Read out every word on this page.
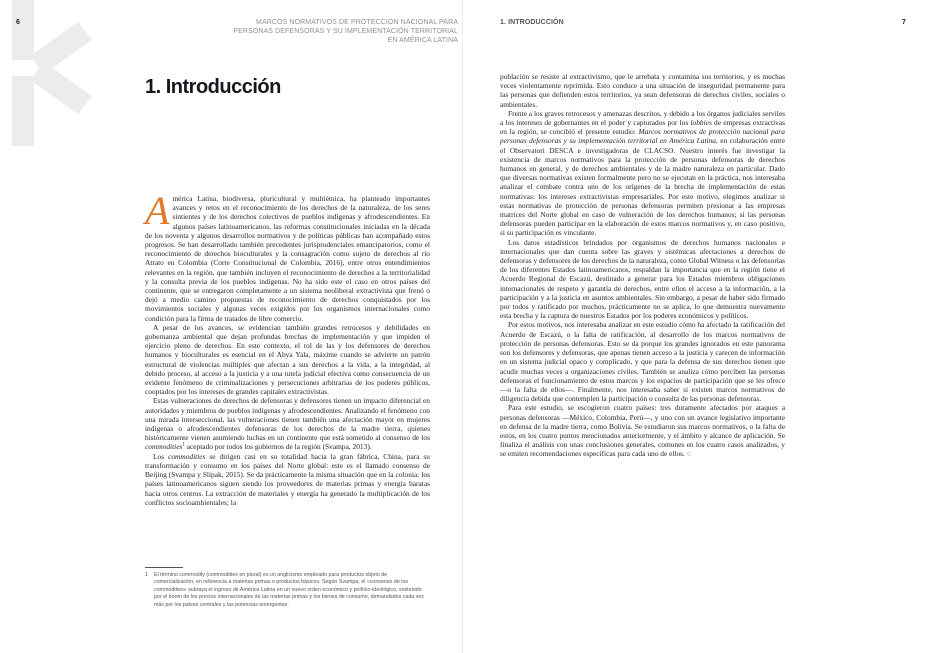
6	7
MARCOS NORMATIVOS DE PROTECCIÓN NACIONAL PARA PERSONAS DEFENSORAS Y SU IMPLEMENTACIÓN TERRITORIAL EN AMÉRICA LATINA
1. INTRODUCCIÓN
1. Introducción

América Latina, biodiversa, pluricultural y multiétnica, ha planteado importantes avances y retos en el reconocimiento de los derechos de la naturaleza, de los seres sintientes y de los derechos colectivos de pueblos indígenas y afrodescendientes. En algunos países latinoamericanos, las reformas constitucionales iniciadas en la década de los noventa y algunos desarrollos normativos y de políticas públicas han acompañado estos progresos. Se han desarrollado también precedentes jurisprudenciales emancipatorios, como el reconocimiento de derechos bioculturales y la consagración como sujeto de derechos al río Atrato en Colombia (Corte Constitucional de Colombia, 2016), entre otros entendimientos relevantes en la región, que también incluyen el reconocimiento de derechos a la territorialidad y la consulta previa de los pueblos indígenas. No ha sido este el caso en otros países del continente, que se entregaron completamente a un sistema neoliberal extractivista que frenó o dejó a medio camino propuestas de reconocimiento de derechos conquistados por los movimientos sociales y algunas veces exigidos por los organismos internacionales como condición para la firma de tratados de libre comercio.

A pesar de los avances, se evidencian también grandes retrocesos y debilidades en gobernanza ambiental que dejan profundas brechas de implementación y que impiden el ejercicio pleno de derechos. En este contexto, el rol de las y los defensores de derechos humanos y bioculturales es esencial en el Abya Yala, máxime cuando se advierte un patrón estructural de violencias múltiples que afectan a sus derechos a la vida, a la integridad, al debido proceso, al acceso a la justicia y a una tutela judicial efectiva como consecuencia de un evidente fenómeno de criminalizaciones y persecuciones arbitrarias de los poderes públicos, cooptados por los intereses de grandes capitales extractivistas.

Estas vulneraciones de derechos de defensoras y defensores tienen un impacto diferencial en autoridades y miembros de pueblos indígenas y afrodescendientes. Analizando el fenómeno con una mirada interseccional, las vulneraciones tienen también una afectación mayor en mujeres indígenas o afrodescendientes defensoras de los derechos de la madre tierra, quienes históricamente vienen asumiendo luchas en un continente que está sometido al consenso de los commodities$^1$ aceptado por todos los gobiernos de la región (Svampa, 2013).

Los commodities se dirigen casi en su totalidad hacia la gran fábrica, China, para su transformación y consumo en los países del Norte global: este es el llamado consenso de Beijing (Svampa y Slipak, 2015). Se da prácticamente la misma situación que en la colonia: los países latinoamericanos siguen siendo los proveedores de materias primas y energía baratas hacia otros centros. La extracción de materiales y energía ha generado la multiplicación de los conflictos socioambientales; la

1 El término commodity (commodities en plural) es un anglicismo empleado para productos objeto de comercialización, en referencia a materias primas o productos básicos. Según Svampa, el «consenso de los commodities» subraya el ingreso de América Latina en un nuevo orden económico y político-ideológico, sostenido por el boom de los precios internacionales de las materias primas y los bienes de consumo, demandados cada vez más por los países centrales y las potencias emergentes.

población se resiste al extractivismo, que le arrebata y contamina sus territorios, y es muchas veces violentamente reprimida. Esto conduce a una situación de inseguridad permanente para las personas que defienden estos territorios, ya sean defensoras de derechos civiles, sociales o ambientales.

Frente a los graves retrocesos y amenazas descritos, y debido a los órganos judiciales serviles a los intereses de gobernantes en el poder y capturados por los lobbies de empresas extractivas en la región, se concibió el presente estudio: Marcos normativos de protección nacional para personas defensoras y su implementación territorial en América Latina, en colaboración entre el Observatori DESCA e investigadoras de CLACSO. Nuestro interés fue investigar la existencia de marcos normativos para la protección de personas defensoras de derechos humanos en general, y de derechos ambientales y de la madre naturaleza en particular. Dado que diversas normativas existen formalmente pero no se ejecutan en la práctica, nos interesaba analizar el combate contra uno de los orígenes de la brecha de implementación de estas normativas: los intereses extractivistas empresariales. Por este motivo, elegimos analizar si estas normativas de protección de personas defensoras permiten presionar a las empresas matrices del Norte global en caso de vulneración de los derechos humanos; si las personas defensoras pueden participar en la elaboración de estos marcos normativos y, en caso positivo, si su participación es vinculante.

Los datos estadísticos brindados por organismos de derechos humanos nacionales e internacionales que dan cuenta sobre las graves y sistémicas afectaciones a derechos de defensoras y defensores de los derechos de la naturaleza, como Global Witness o las defensorías de los diferentes Estados latinoamericanos, respaldan la importancia que en la región tiene el Acuerdo Regional de Escazú, destinado a generar para los Estados miembros obligaciones internacionales de respeto y garantía de derechos, entre ellos el acceso a la información, a la participación y a la justicia en asuntos ambientales. Sin embargo, a pesar de haber sido firmado por todos y ratificado por muchos, prácticamente no se aplica, lo que demuestra nuevamente esta brecha y la captura de nuestros Estados por los poderes económicos y políticos.

Por estos motivos, nos interesaba analizar en este estudio cómo ha afectado la ratificación del Acuerdo de Escazú, o la falta de ratificación, al desarrollo de los marcos normativos de protección de personas defensoras. Esto se da porque los grandes ignorados en este panorama son los defensores y defensoras, que apenas tienen acceso a la justicia y carecen de información en un sistema judicial opaco y complicado, y que para la defensa de sus derechos tienen que acudir muchas veces a organizaciones civiles. También se analiza cómo perciben las personas defensoras el funcionamiento de estos marcos y los espacios de participación que se les ofrece —o la falta de ellos—. Finalmente, nos interesaba saber si existen marcos normativos de diligencia debida que contemplen la participación o consulta de las personas defensoras.

Para este estudio, se escogieron cuatro países: tres duramente afectados por ataques a personas defensoras —México, Colombia, Perú—, y uno con un avance legislativo importante en defensa de la madre tierra, como Bolivia. Se estudiaron sus marcos normativos, o la falta de estos, en los cuatro puntos mencionados anteriormente, y el ámbito y alcance de aplicación. Se finaliza el análisis con unas conclusiones generales, comunes en los cuatro casos analizados, y se emiten recomendaciones específicas para cada uno de ellos. ○
